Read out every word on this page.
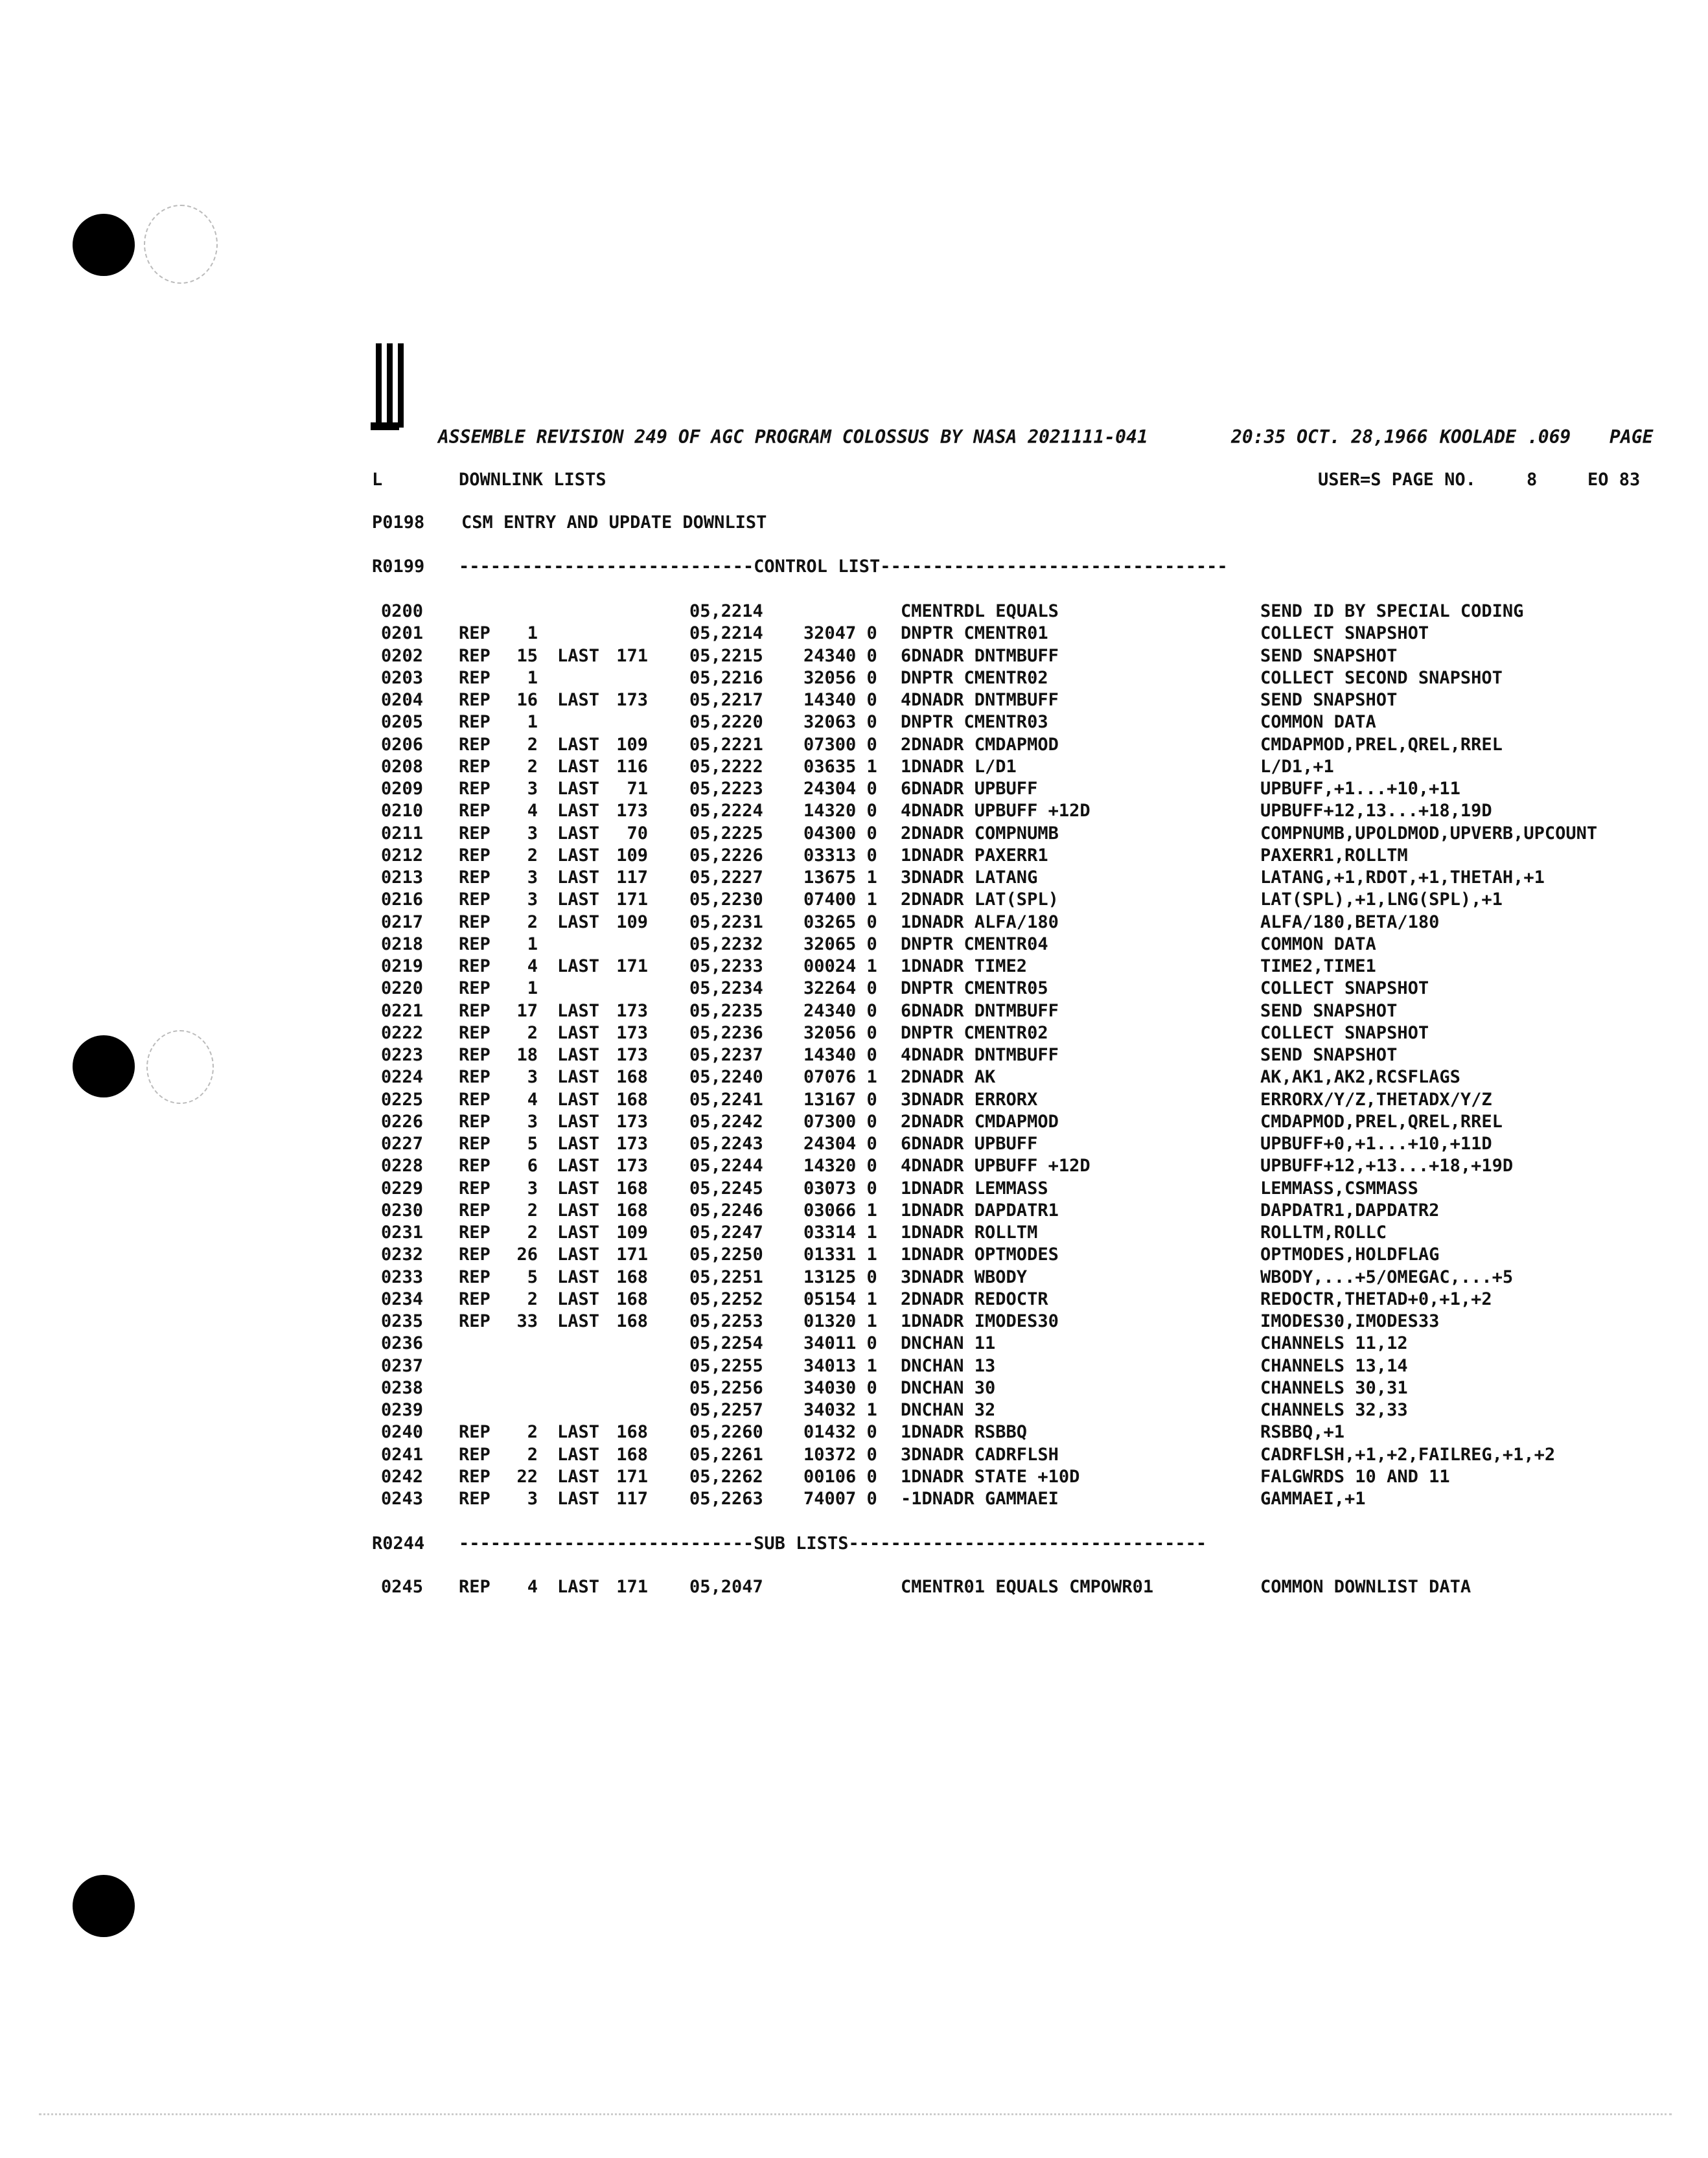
ASSEMBLE REVISION 249 OF AGC PROGRAM COLOSSUS BY NASA 2021111-041	20:35 OCT. 28,1966 KOOLADE .069 PAGE
L	DOWNLINK LISTS	USER=S PAGE NO.	8	EO 83
P0198 CSM ENTRY AND UPDATE DOWNLIST
R0199 ----------------------------CONTROL LIST---------------------------------
0200	05,2214	CMENTRDL EQUALS	SEND ID BY SPECIAL CODING
0201 REP	1	05,2214 32047 0 DNPTR CMENTR01	COLLECT SNAPSHOT
0202 REP	15 LAST 171 05,2215 24340 0 6DNADR DNTMBUFF	SEND SNAPSHOT
0203 REP	1	05,2216 32056 0 DNPTR CMENTR02	COLLECT SECOND SNAPSHOT
0204 REP	16 LAST 173 05,2217 14340 0 4DNADR DNTMBUFF	SEND SNAPSHOT
0205 REP	1	05,2220 32063 0 DNPTR CMENTR03	COMMON DATA
0206 REP	2 LAST 109 05,2221 07300 0 2DNADR CMDAPMOD	CMDAPMOD,PREL,QREL,RREL
0208 REP	2 LAST 116 05,2222 03635 1 1DNADR L/D1	L/D1,+1
0209 REP	3 LAST	71 05,2223 24304 0 6DNADR UPBUFF	UPBUFF,+1...+10,+11
0210 REP	4 LAST 173 05,2224 14320 0 4DNADR UPBUFF +12D	UPBUFF+12,13...+18,19D
0211 REP	3 LAST	70 05,2225 04300 0 2DNADR COMPNUMB	COMPNUMB,UPOLDMOD,UPVERB,UPCOUNT
0212 REP	2 LAST 109 05,2226 03313 0 1DNADR PAXERR1	PAXERR1,ROLLTM
0213 REP	3 LAST 117 05,2227 13675 1 3DNADR LATANG	LATANG,+1,RDOT,+1,THETAH,+1
0216 REP	3 LAST 171 05,2230 07400 1 2DNADR LAT(SPL)	LAT(SPL),+1,LNG(SPL),+1
0217 REP	2 LAST 109 05,2231 03265 0 1DNADR ALFA/180	ALFA/180,BETA/180
0218 REP	1	05,2232 32065 0 DNPTR CMENTR04	COMMON DATA
0219 REP	4 LAST 171 05,2233 00024 1 1DNADR TIME2	TIME2,TIME1
0220 REP	1	05,2234 32264 0 DNPTR CMENTR05	COLLECT SNAPSHOT
0221 REP	17 LAST 173 05,2235 24340 0 6DNADR DNTMBUFF	SEND SNAPSHOT
0222 REP	2 LAST 173 05,2236 32056 0 DNPTR CMENTR02	COLLECT SNAPSHOT
0223 REP	18 LAST 173 05,2237 14340 0 4DNADR DNTMBUFF	SEND SNAPSHOT
0224 REP	3 LAST 168 05,2240 07076 1 2DNADR AK	AK,AK1,AK2,RCSFLAGS
0225 REP	4 LAST 168 05,2241 13167 0 3DNADR ERRORX	ERRORX/Y/Z,THETADX/Y/Z
0226 REP	3 LAST 173 05,2242 07300 0 2DNADR CMDAPMOD	CMDAPMOD,PREL,QREL,RREL
0227 REP	5 LAST 173 05,2243 24304 0 6DNADR UPBUFF	UPBUFF+0,+1...+10,+11D
0228 REP	6 LAST 173 05,2244 14320 0 4DNADR UPBUFF +12D	UPBUFF+12,+13...+18,+19D
0229 REP	3 LAST 168 05,2245 03073 0 1DNADR LEMMASS	LEMMASS,CSMMASS
0230 REP	2 LAST 168 05,2246 03066 1 1DNADR DAPDATR1	DAPDATR1,DAPDATR2
0231 REP	2 LAST 109 05,2247 03314 1 1DNADR ROLLTM	ROLLTM,ROLLC
0232 REP	26 LAST 171 05,2250 01331 1 1DNADR OPTMODES	OPTMODES,HOLDFLAG
0233 REP	5 LAST 168 05,2251 13125 0 3DNADR WBODY	WBODY,...+5/OMEGAC,...+5
0234 REP	2 LAST 168 05,2252 05154 1 2DNADR REDOCTR	REDOCTR,THETAD+0,+1,+2
0235 REP	33 LAST 168 05,2253 01320 1 1DNADR IMODES30	IMODES30,IMODES33
0236	05,2254 34011 0 DNCHAN 11	CHANNELS 11,12
0237	05,2255 34013 1 DNCHAN 13	CHANNELS 13,14
0238	05,2256 34030 0 DNCHAN 30	CHANNELS 30,31
0239	05,2257 34032 1 DNCHAN 32	CHANNELS 32,33
0240 REP	2 LAST 168 05,2260 01432 0 1DNADR RSBBQ	RSBBQ,+1
0241 REP	2 LAST 168 05,2261 10372 0 3DNADR CADRFLSH	CADRFLSH,+1,+2,FAILREG,+1,+2
0242 REP	22 LAST 171 05,2262 00106 0 1DNADR STATE +10D	FALGWRDS 10 AND 11
0243 REP	3 LAST 117 05,2263 74007 0 -1DNADR GAMMAEI	GAMMAEI,+1
R0244 ----------------------------SUB LISTS----------------------------------
0245 REP	4 LAST 171 05,2047	CMENTR01 EQUALS CMPOWR01	COMMON DOWNLIST DATA
